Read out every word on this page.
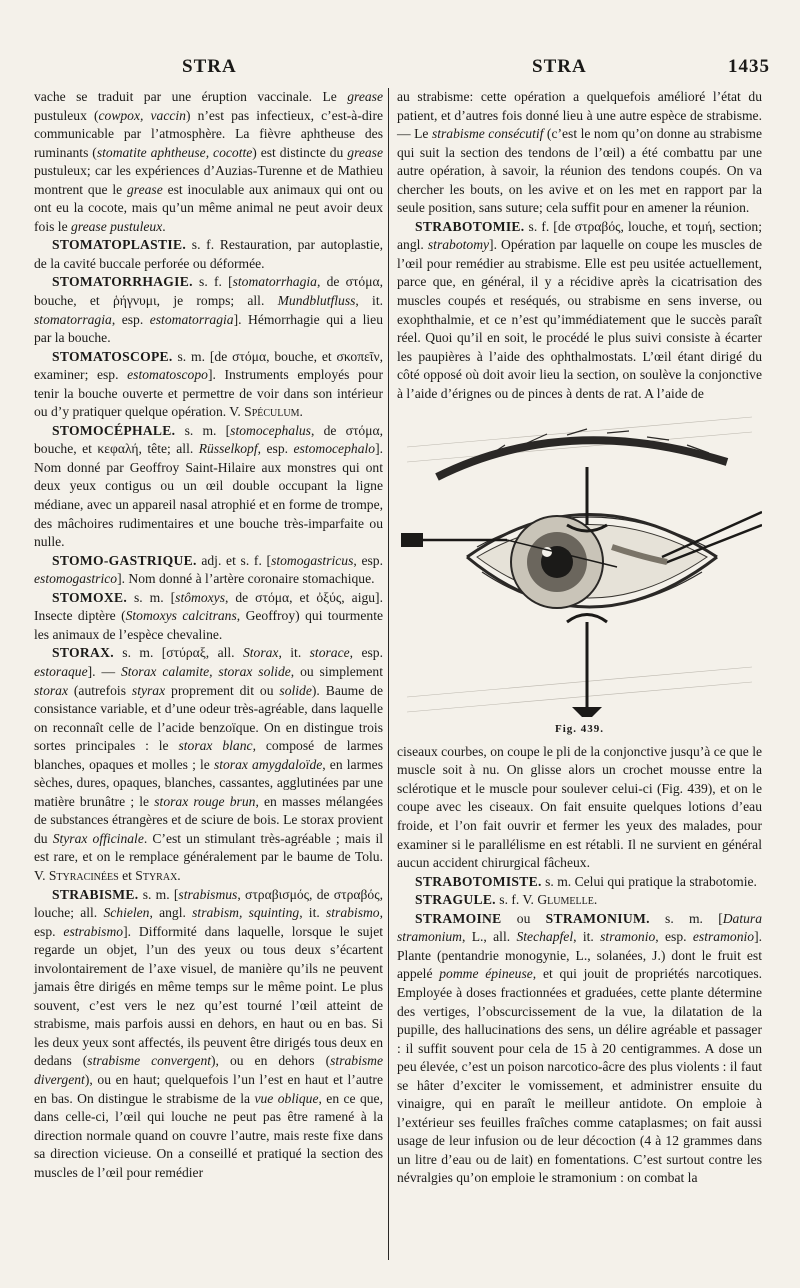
STRA	STRA	1435

vache se traduit par une éruption vaccinale. Le grease pustuleux (cowpox, vaccin) n’est pas infectieux, c’est-à-dire communicable par l’atmosphère. La fièvre aphtheuse des ruminants (stomatite aphtheuse, cocotte) est distincte du grease pustuleux; car les expériences d’Auzias-Turenne et de Mathieu montrent que le grease est inoculable aux animaux qui ont ou ont eu la cocote, mais qu’un même animal ne peut avoir deux fois le grease pustuleux.

STOMATOPLASTIE. s. f. Restauration, par autoplastie, de la cavité buccale perforée ou déformée.

STOMATORRHAGIE. s. f. [stomatorrhagia, de στόμα, bouche, et ῥήγνυμι, je romps; all. Mundblutfluss, it. stomatorragia, esp. estomatorragia]. Hémorrhagie qui a lieu par la bouche.

STOMATOSCOPE. s. m. [de στόμα, bouche, et σκοπεῖν, examiner; esp. estomatoscopo]. Instruments employés pour tenir la bouche ouverte et permettre de voir dans son intérieur ou d’y pratiquer quelque opération. V. Spéculum.

STOMOCÉPHALE. s. m. [stomocephalus, de στόμα, bouche, et κεφαλή, tête; all. Rüsselkopf, esp. estomocephalo]. Nom donné par Geoffroy Saint-Hilaire aux monstres qui ont deux yeux contigus ou un œil double occupant la ligne médiane, avec un appareil nasal atrophié et en forme de trompe, des mâchoires rudimentaires et une bouche très-imparfaite ou nulle.

STOMO-GASTRIQUE. adj. et s. f. [stomogastricus, esp. estomogastrico]. Nom donné à l’artère coronaire stomachique.

STOMOXE. s. m. [stômoxys, de στόμα, et ὀξύς, aigu]. Insecte diptère (Stomoxys calcitrans, Geoffroy) qui tourmente les animaux de l’espèce chevaline.

STORAX. s. m. [στύραξ, all. Storax, it. storace, esp. estoraque]. — Storax calamite, storax solide, ou simplement storax (autrefois styrax proprement dit ou solide). Baume de consistance variable, et d’une odeur très-agréable, dans laquelle on reconnaît celle de l’acide benzoïque. On en distingue trois sortes principales : le storax blanc, composé de larmes blanches, opaques et molles ; le storax amygdaloïde, en larmes sèches, dures, opaques, blanches, cassantes, agglutinées par une matière brunâtre ; le storax rouge brun, en masses mélangées de substances étrangères et de sciure de bois. Le storax provient du Styrax officinale. C’est un stimulant très-agréable ; mais il est rare, et on le remplace généralement par le baume de Tolu. V. Styracinées et Styrax.

STRABISME. s. m. [strabismus, στραβισμός, de στραβός, louche; all. Schielen, angl. strabism, squinting, it. strabismo, esp. estrabismo]. Difformité dans laquelle, lorsque le sujet regarde un objet, l’un des yeux ou tous deux s’écartent involontairement de l’axe visuel, de manière qu’ils ne peuvent jamais être dirigés en même temps sur le même point. Le plus souvent, c’est vers le nez qu’est tourné l’œil atteint de strabisme, mais parfois aussi en dehors, en haut ou en bas. Si les deux yeux sont affectés, ils peuvent être dirigés tous deux en dedans (strabisme convergent), ou en dehors (strabisme divergent), ou en haut; quelquefois l’un l’est en haut et l’autre en bas. On distingue le strabisme de la vue oblique, en ce que, dans celle-ci, l’œil qui louche ne peut pas être ramené à la direction normale quand on couvre l’autre, mais reste fixe dans sa direction vicieuse. On a conseillé et pratiqué la section des muscles de l’œil pour remédier

au strabisme: cette opération a quelquefois amélioré l’état du patient, et d’autres fois donné lieu à une autre espèce de strabisme. — Le strabisme consécutif (c’est le nom qu’on donne au strabisme qui suit la section des tendons de l’œil) a été combattu par une autre opération, à savoir, la réunion des tendons coupés. On va chercher les bouts, on les avive et on les met en rapport par la seule position, sans suture; cela suffit pour en amener la réunion.

STRABOTOMIE. s. f. [de στραβός, louche, et τομή, section; angl. strabotomy]. Opération par laquelle on coupe les muscles de l’œil pour remédier au strabisme. Elle est peu usitée actuellement, parce que, en général, il y a récidive après la cicatrisation des muscles coupés et reséqués, ou strabisme en sens inverse, ou exophthalmie, et ce n’est qu’immédiatement que le succès paraît réel. Quoi qu’il en soit, le procédé le plus suivi consiste à écarter les paupières à l’aide des ophthalmostats. L’œil étant dirigé du côté opposé où doit avoir lieu la section, on soulève la conjonctive à l’aide d’érignes ou de pinces à dents de rat. A l’aide de

Fig. 439.

ciseaux courbes, on coupe le pli de la conjonctive jusqu’à ce que le muscle soit à nu. On glisse alors un crochet mousse entre la sclérotique et le muscle pour soulever celui-ci (Fig. 439), et on le coupe avec les ciseaux. On fait ensuite quelques lotions d’eau froide, et l’on fait ouvrir et fermer les yeux des malades, pour examiner si le parallélisme en est rétabli. Il ne survient en général aucun accident chirurgical fâcheux.

STRABOTOMISTE. s. m. Celui qui pratique la strabotomie.

STRAGULE. s. f. V. Glumelle.

STRAMOINE ou STRAMONIUM. s. m. [Datura stramonium, L., all. Stechapfel, it. stramonio, esp. estramonio]. Plante (pentandrie monogynie, L., solanées, J.) dont le fruit est appelé pomme épineuse, et qui jouit de propriétés narcotiques. Employée à doses fractionnées et graduées, cette plante détermine des vertiges, l’obscurcissement de la vue, la dilatation de la pupille, des hallucinations des sens, un délire agréable et passager : il suffit souvent pour cela de 15 à 20 centigrammes. A dose un peu élevée, c’est un poison narcotico-âcre des plus violents : il faut se hâter d’exciter le vomissement, et administrer ensuite du vinaigre, qui en paraît le meilleur antidote. On emploie à l’extérieur ses feuilles fraîches comme cataplasmes; on fait aussi usage de leur infusion ou de leur décoction (4 à 12 grammes dans un litre d’eau ou de lait) en fomentations. C’est surtout contre les névralgies qu’on emploie le stramonium : on combat la
